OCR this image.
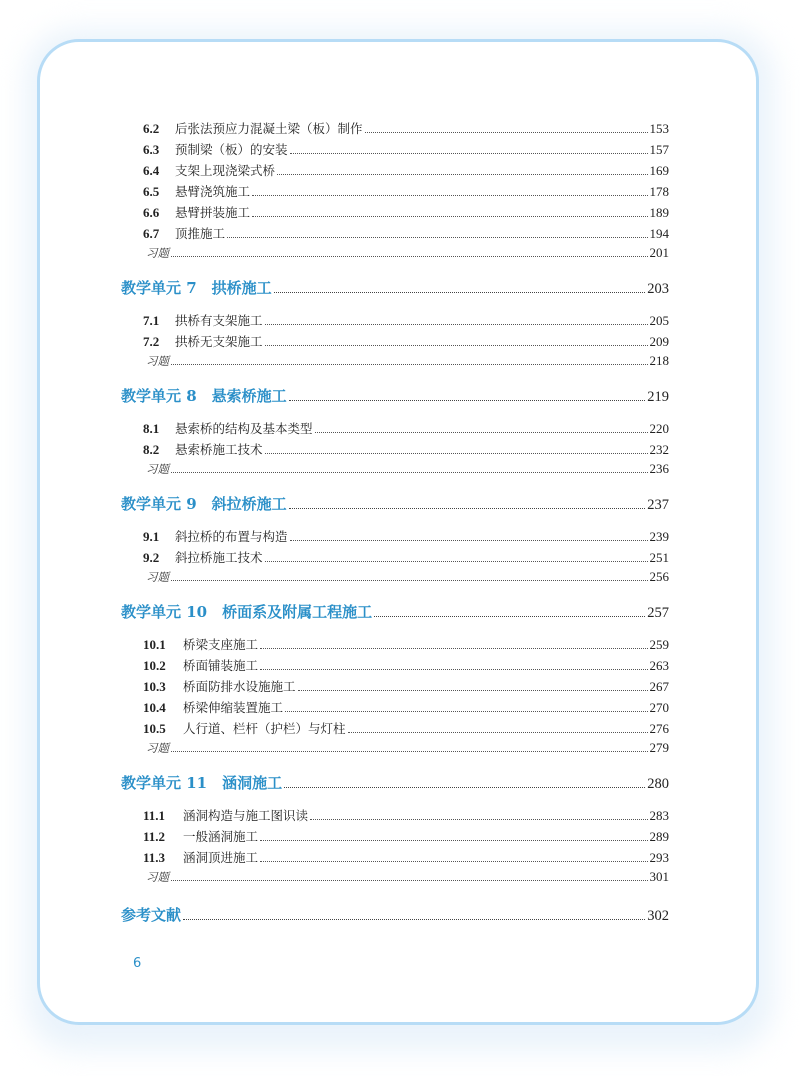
6.2	后张法预应力混凝土梁（板）制作	153
6.3	预制梁（板）的安装	157
6.4	支架上现浇梁式桥	169
6.5	悬臂浇筑施工	178
6.6	悬臂拼装施工	189
6.7	顶推施工	194
习题	201
教学单元 7　拱桥施工	203
7.1	拱桥有支架施工	205
7.2	拱桥无支架施工	209
习题	218
教学单元 8　悬索桥施工	219
8.1	悬索桥的结构及基本类型	220
8.2	悬索桥施工技术	232
习题	236
教学单元 9　斜拉桥施工	237
9.1	斜拉桥的布置与构造	239
9.2	斜拉桥施工技术	251
习题	256
教学单元 10　桥面系及附属工程施工	257
10.1	桥梁支座施工	259
10.2	桥面铺装施工	263
10.3	桥面防排水设施施工	267
10.4	桥梁伸缩装置施工	270
10.5	人行道、栏杆（护栏）与灯柱	276
习题	279
教学单元 11　涵洞施工	280
11.1	涵洞构造与施工图识读	283
11.2	一般涵洞施工	289
11.3	涵洞顶进施工	293
习题	301
参考文献	302
6
